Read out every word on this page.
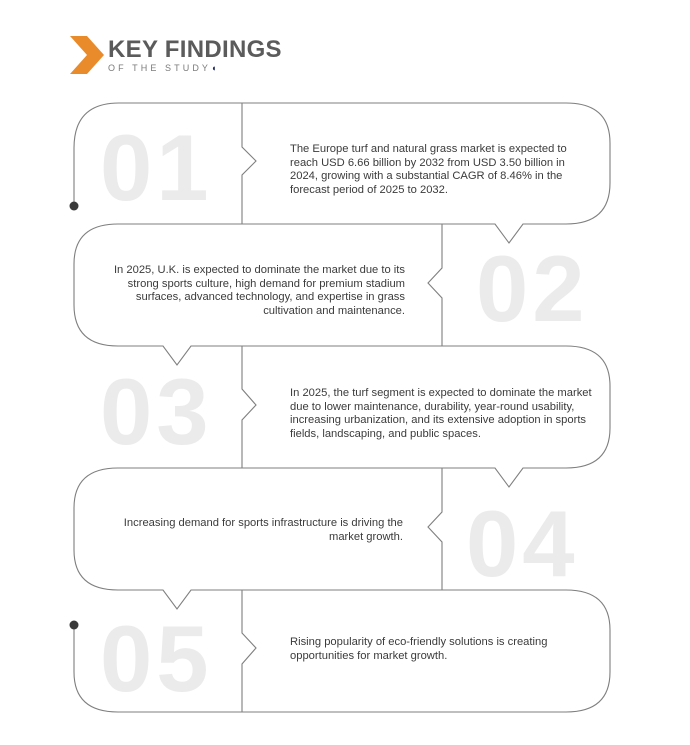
KEY FINDINGS
OF THE STUDY◖
01
02
03
04
05
The Europe turf and natural grass market is expected to reach USD 6.66 billion by 2032 from USD 3.50 billion in 2024, growing with a substantial CAGR of 8.46% in the forecast period of 2025 to 2032.
In 2025, U.K. is expected to dominate the market due to its strong sports culture, high demand for premium stadium surfaces, advanced technology, and expertise in grass cultivation and maintenance.
In 2025, the turf segment is expected to dominate the market due to lower maintenance, durability, year-round usability, increasing urbanization, and its extensive adoption in sports fields, landscaping, and public spaces.
Increasing demand for sports infrastructure is driving the market growth.
Rising popularity of eco-friendly solutions is creating opportunities for market growth.
